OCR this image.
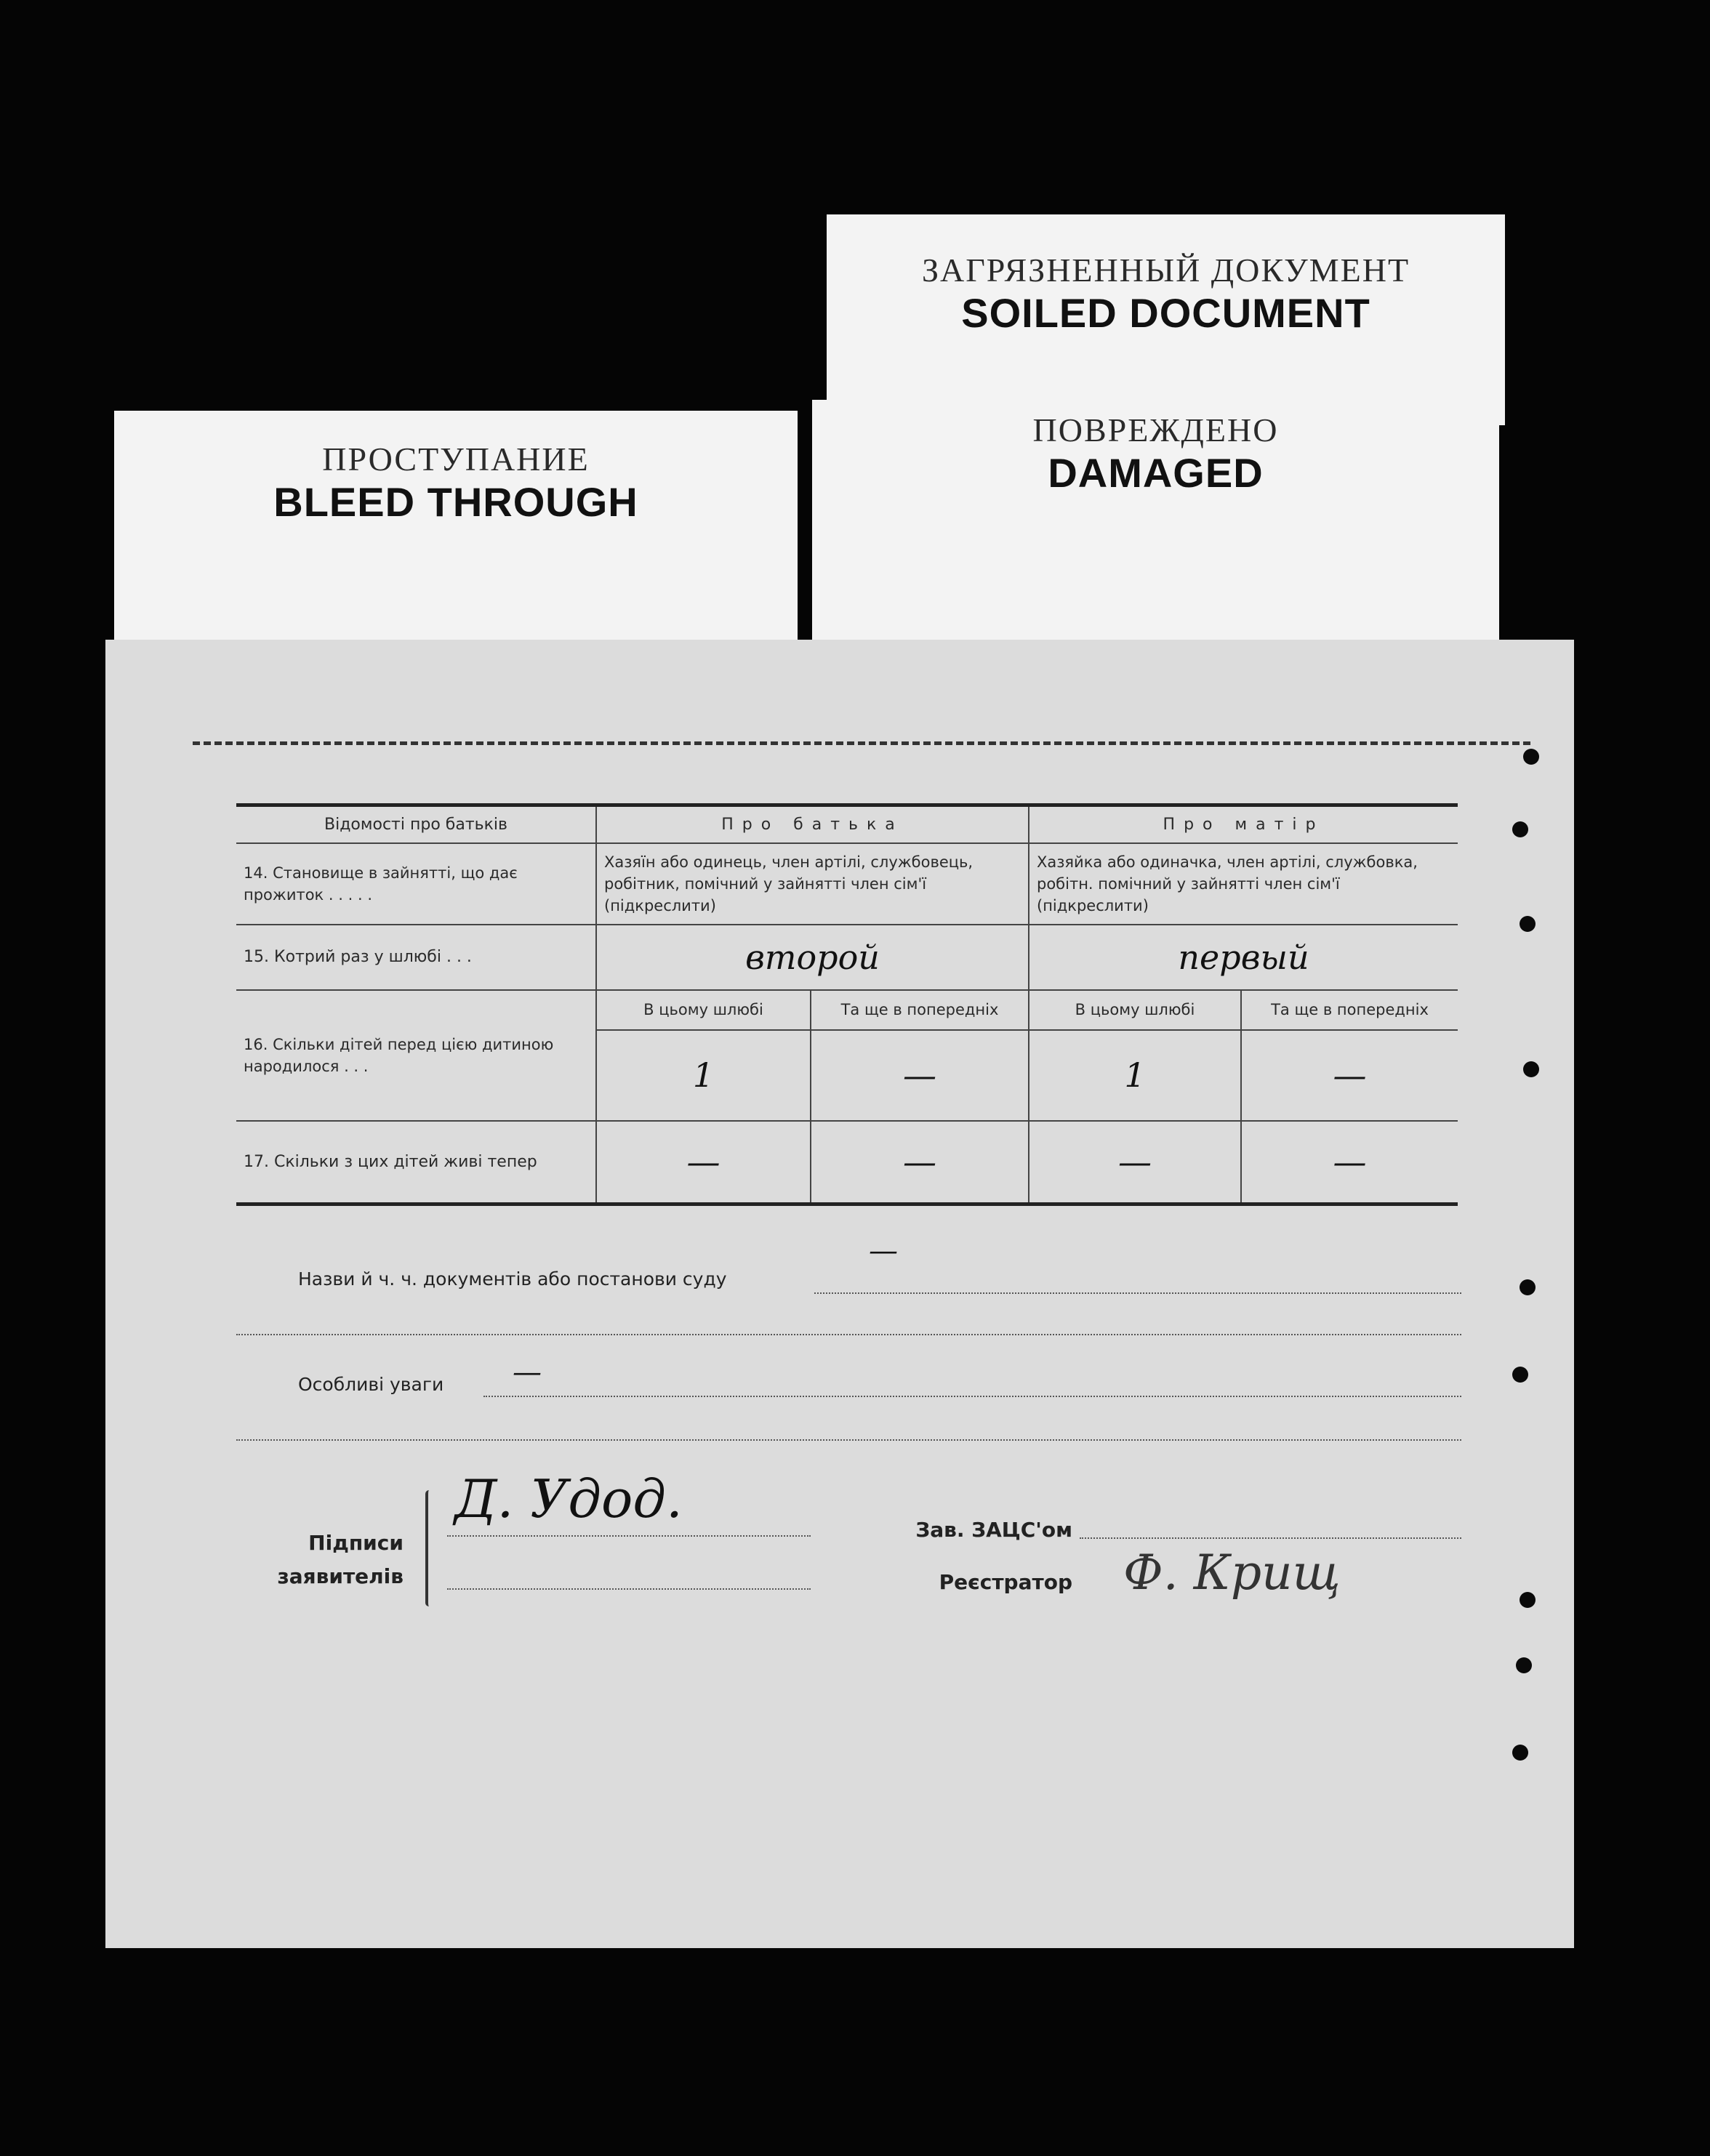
ЗАГРЯЗНЕННЫЙ ДОКУМЕНТ
SOILED DOCUMENT
ПРОСТУПАНИЕ
BLEED THROUGH
ПОВРЕЖДЕНО
DAMAGED
Відомості про батьків	Про батька		Про матір	
14. Становище в зайнятті, що дає прожиток . . . . .	Хазяїн або одинець, член артілі, службовець, робітник, помічний у зайнятті член сім'ї (підкреслити)		Хазяйка або одиначка, член артілі, службовка, робітн. помічний у зайнятті член сім'ї (підкреслити)	
15. Котрий раз у шлюбі . . .	второй		первый	
16. Скільки дітей перед цією дитиною народилося . . .	В цьому шлюбі	Та ще в попередніх	В цьому шлюбі	Та ще в попередніх
	1	—	1	—
17. Скільки з цих дітей живі тепер	—	—	—	—
Назви й ч. ч. документів або постанови суду
—
Особливі уваги —
Підписи заявителів
Д. Удод.
Зав. ЗАЦС'ом
Реєстратор Ф. Крищ
